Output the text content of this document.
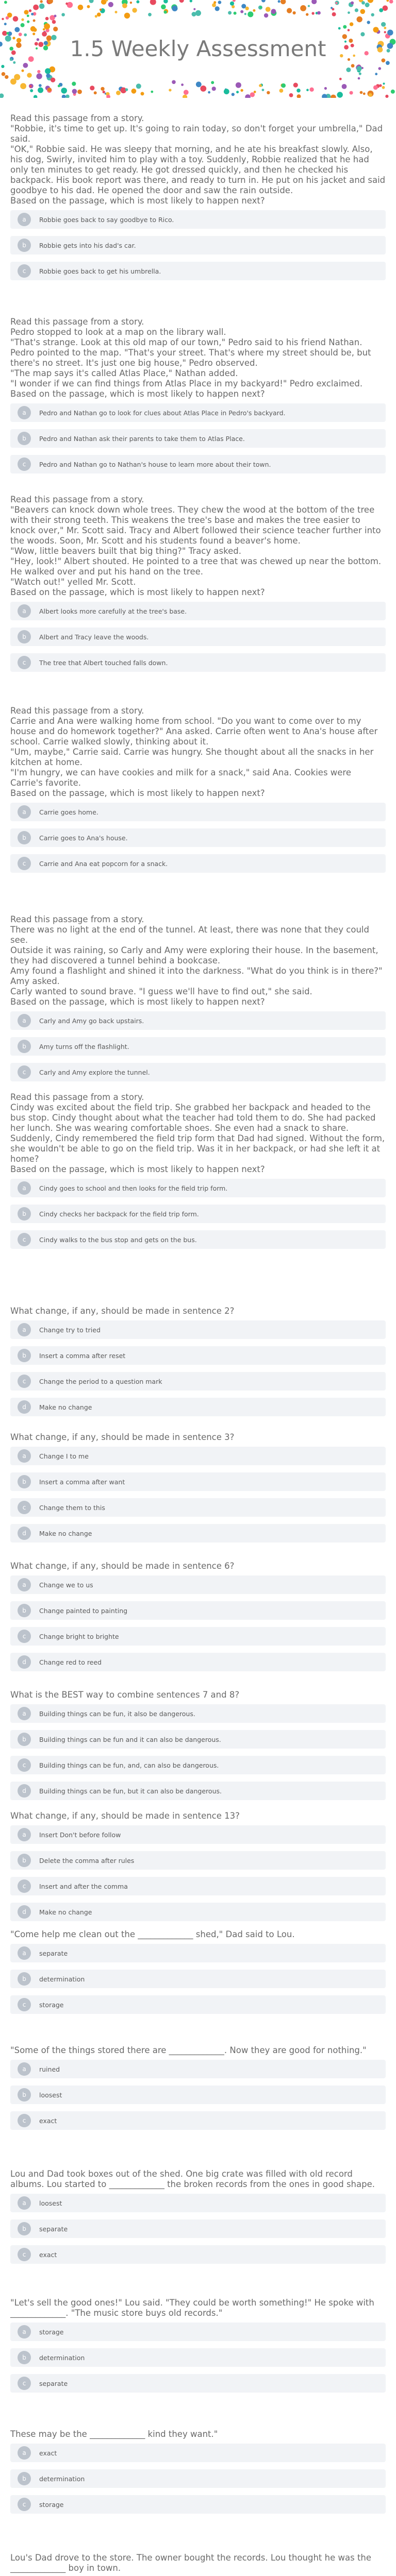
1.5 Weekly Assessment

Read this passage from a story.
"Robbie, it's time to get up. It's going to rain today, so don't forget your umbrella," Dad said.
"OK," Robbie said. He was sleepy that morning, and he ate his breakfast slowly. Also, his dog, Swirly, invited him to play with a toy. Suddenly, Robbie realized that he had only ten minutes to get ready. He got dressed quickly, and then he checked his backpack. His book report was there, and ready to turn in. He put on his jacket and said goodbye to his dad. He opened the door and saw the rain outside.
Based on the passage, which is most likely to happen next?

a	Robbie goes back to say goodbye to Rico.
b	Robbie gets into his dad's car.
c	Robbie goes back to get his umbrella.

Read this passage from a story.
Pedro stopped to look at a map on the library wall.
"That's strange. Look at this old map of our town," Pedro said to his friend Nathan. Pedro pointed to the map. "That's your street. That's where my street should be, but there's no street. It's just one big house," Pedro observed.
"The map says it's called Atlas Place," Nathan added.
"I wonder if we can find things from Atlas Place in my backyard!" Pedro exclaimed.
Based on the passage, which is most likely to happen next?

a	Pedro and Nathan go to look for clues about Atlas Place in Pedro's backyard.
b	Pedro and Nathan ask their parents to take them to Atlas Place.
c	Pedro and Nathan go to Nathan's house to learn more about their town.

Read this passage from a story.
"Beavers can knock down whole trees. They chew the wood at the bottom of the tree with their strong teeth. This weakens the tree's base and makes the tree easier to knock over," Mr. Scott said. Tracy and Albert followed their science teacher further into the woods. Soon, Mr. Scott and his students found a beaver's home.
"Wow, little beavers built that big thing?" Tracy asked.
"Hey, look!" Albert shouted. He pointed to a tree that was chewed up near the bottom. He walked over and put his hand on the tree.
"Watch out!" yelled Mr. Scott.
Based on the passage, which is most likely to happen next?

a	Albert looks more carefully at the tree's base.
b	Albert and Tracy leave the woods.
c	The tree that Albert touched falls down.

Read this passage from a story.
Carrie and Ana were walking home from school. "Do you want to come over to my house and do homework together?" Ana asked. Carrie often went to Ana's house after school. Carrie walked slowly, thinking about it.
"Um, maybe," Carrie said. Carrie was hungry. She thought about all the snacks in her kitchen at home.
"I'm hungry, we can have cookies and milk for a snack," said Ana. Cookies were Carrie's favorite.
Based on the passage, which is most likely to happen next?

a	Carrie goes home.
b	Carrie goes to Ana's house.
c	Carrie and Ana eat popcorn for a snack.

Read this passage from a story.
There was no light at the end of the tunnel. At least, there was none that they could see.
Outside it was raining, so Carly and Amy were exploring their house. In the basement, they had discovered a tunnel behind a bookcase.
Amy found a flashlight and shined it into the darkness. "What do you think is in there?" Amy asked.
Carly wanted to sound brave. "I guess we'll have to find out," she said.
Based on the passage, which is most likely to happen next?

a	Carly and Amy go back upstairs.
b	Amy turns off the flashlight.
c	Carly and Amy explore the tunnel.

Read this passage from a story.
Cindy was excited about the field trip. She grabbed her backpack and headed to the bus stop. Cindy thought about what the teacher had told them to do. She had packed her lunch. She was wearing comfortable shoes. She even had a snack to share. Suddenly, Cindy remembered the field trip form that Dad had signed. Without the form, she wouldn't be able to go on the field trip. Was it in her backpack, or had she left it at home?
Based on the passage, which is most likely to happen next?

a	Cindy goes to school and then looks for the field trip form.
b	Cindy checks her backpack for the field trip form.
c	Cindy walks to the bus stop and gets on the bus.

What change, if any, should be made in sentence 2?

a	Change try to tried
b	Insert a comma after reset
c	Change the period to a question mark
d	Make no change

What change, if any, should be made in sentence 3?

a	Change I to me
b	Insert a comma after want
c	Change them to this
d	Make no change

What change, if any, should be made in sentence 6?

a	Change we to us
b	Change painted to painting
c	Change bright to brighte
d	Change red to reed

What is the BEST way to combine sentences 7 and 8?

a	Building things can be fun, it also be dangerous.
b	Building things can be fun and it can also be dangerous.
c	Building things can be fun, and, can also be dangerous.
d	Building things can be fun, but it can also be dangerous.

What change, if any, should be made in sentence 13?

a	Insert Don't before follow
b	Delete the comma after rules
c	Insert and after the comma
d	Make no change

"Come help me clean out the _____________ shed," Dad said to Lou.

a	separate
b	determination
c	storage

"Some of the things stored there are _____________. Now they are good for nothing."

a	ruined
b	loosest
c	exact

Lou and Dad took boxes out of the shed. One big crate was filled with old record albums. Lou started to _____________ the broken records from the ones in good shape.

a	loosest
b	separate
c	exact

"Let's sell the good ones!" Lou said. "They could be worth something!" He spoke with _____________. "The music store buys old records."

a	storage
b	determination
c	separate

These may be the _____________ kind they want."

a	exact
b	determination
c	storage

Lou's Dad drove to the store. The owner bought the records. Lou thought he was the _____________ boy in town.
